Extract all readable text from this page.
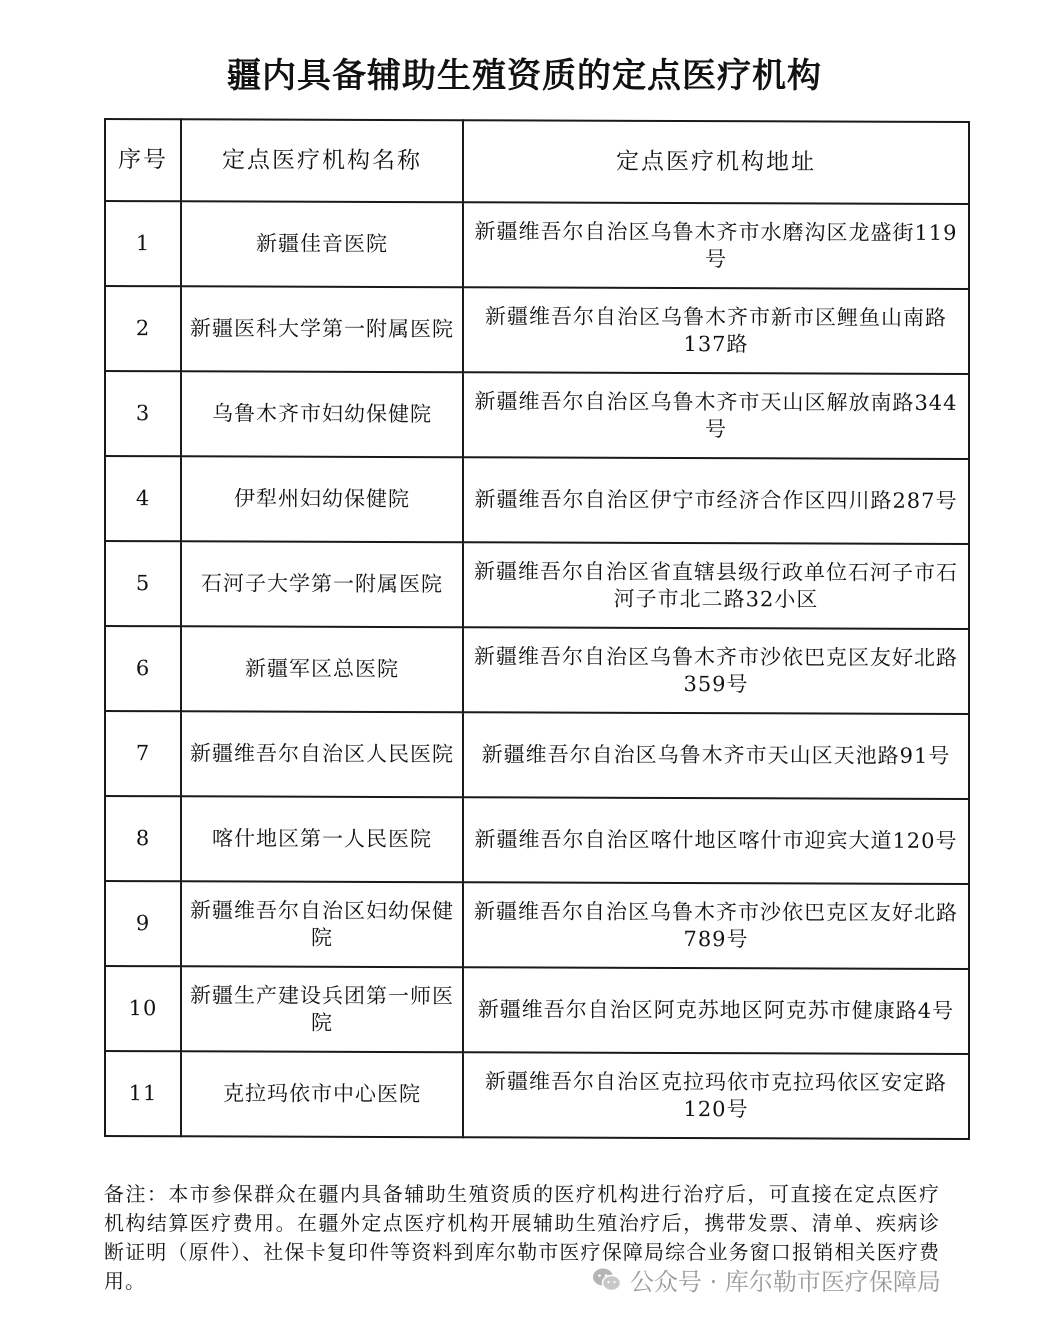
疆内具备辅助生殖资质的定点医疗机构
序号	定点医疗机构名称	定点医疗机构地址
1	新疆佳音医院	新疆维吾尔自治区乌鲁木齐市水磨沟区龙盛街119号
2	新疆医科大学第一附属医院	新疆维吾尔自治区乌鲁木齐市新市区鲤鱼山南路137路
3	乌鲁木齐市妇幼保健院	新疆维吾尔自治区乌鲁木齐市天山区解放南路344号
4	伊犁州妇幼保健院	新疆维吾尔自治区伊宁市经济合作区四川路287号
5	石河子大学第一附属医院	新疆维吾尔自治区省直辖县级行政单位石河子市石河子市北二路32小区
6	新疆军区总医院	新疆维吾尔自治区乌鲁木齐市沙依巴克区友好北路359号
7	新疆维吾尔自治区人民医院	新疆维吾尔自治区乌鲁木齐市天山区天池路91号
8	喀什地区第一人民医院	新疆维吾尔自治区喀什地区喀什市迎宾大道120号
9	新疆维吾尔自治区妇幼保健院	新疆维吾尔自治区乌鲁木齐市沙依巴克区友好北路789号
10	新疆生产建设兵团第一师医院	新疆维吾尔自治区阿克苏地区阿克苏市健康路4号
11	克拉玛依市中心医院	新疆维吾尔自治区克拉玛依市克拉玛依区安定路120号
备注：本市参保群众在疆内具备辅助生殖资质的医疗机构进行治疗后，可直接在定点医疗机构结算医疗费用。在疆外定点医疗机构开展辅助生殖治疗后，携带发票、清单、疾病诊断证明（原件）、社保卡复印件等资料到库尔勒市医疗保障局综合业务窗口报销相关医疗费用。	公众号 · 库尔勒市医疗保障局
